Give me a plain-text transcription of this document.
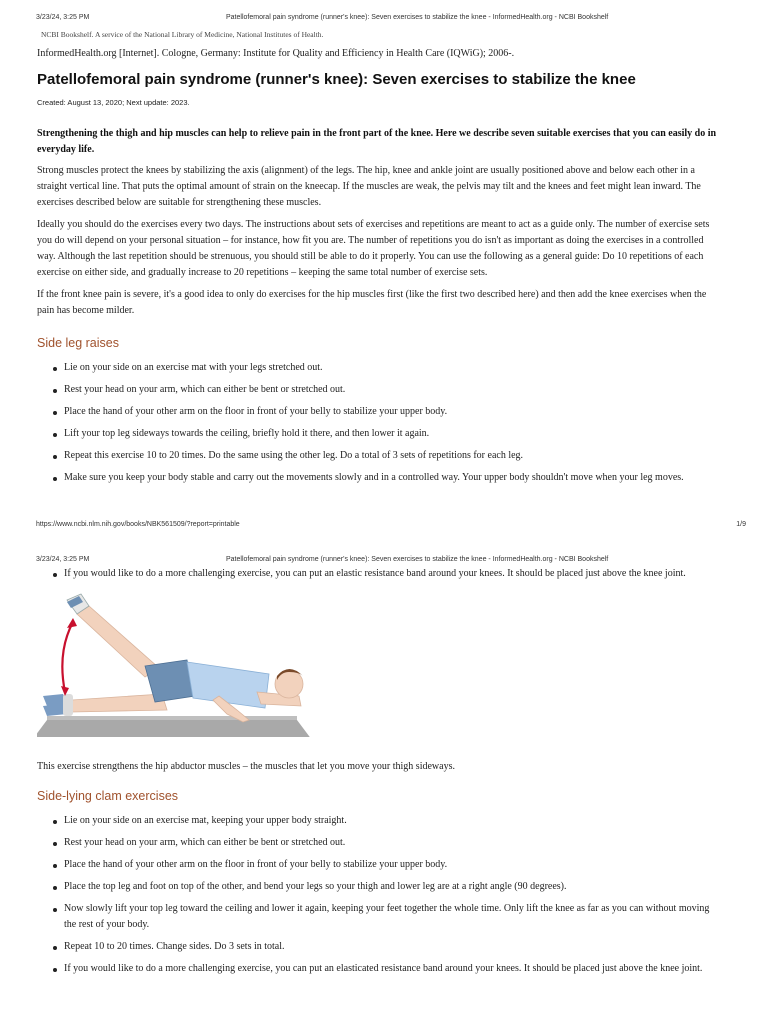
3/23/24, 3:25 PM	Patellofemoral pain syndrome (runner's knee): Seven exercises to stabilize the knee - InformedHealth.org - NCBI Bookshelf
NCBI Bookshelf. A service of the National Library of Medicine, National Institutes of Health.
InformedHealth.org [Internet]. Cologne, Germany: Institute for Quality and Efficiency in Health Care (IQWiG); 2006-.
Patellofemoral pain syndrome (runner's knee): Seven exercises to stabilize the knee
Created: August 13, 2020; Next update: 2023.

Strengthening the thigh and hip muscles can help to relieve pain in the front part of the knee. Here we describe seven suitable exercises that you can easily do in everyday life.

Strong muscles protect the knees by stabilizing the axis (alignment) of the legs. The hip, knee and ankle joint are usually positioned above and below each other in a straight vertical line. That puts the optimal amount of strain on the kneecap. If the muscles are weak, the pelvis may tilt and the knees and feet might lean inward. The exercises described below are suitable for strengthening these muscles.

Ideally you should do the exercises every two days. The instructions about sets of exercises and repetitions are meant to act as a guide only. The number of exercise sets you do will depend on your personal situation – for instance, how fit you are. The number of repetitions you do isn't as important as doing the exercises in a controlled way. Although the last repetition should be strenuous, you should still be able to do it properly. You can use the following as a general guide: Do 10 repetitions of each exercise on either side, and gradually increase to 20 repetitions – keeping the same total number of exercise sets.

If the front knee pain is severe, it's a good idea to only do exercises for the hip muscles first (like the first two described here) and then add the knee exercises when the pain has become milder.

Side leg raises
Lie on your side on an exercise mat with your legs stretched out.
Rest your head on your arm, which can either be bent or stretched out.
Place the hand of your other arm on the floor in front of your belly to stabilize your upper body.
Lift your top leg sideways towards the ceiling, briefly hold it there, and then lower it again.
Repeat this exercise 10 to 20 times. Do the same using the other leg. Do a total of 3 sets of repetitions for each leg.
Make sure you keep your body stable and carry out the movements slowly and in a controlled way. Your upper body shouldn't move when your leg moves.
https://www.ncbi.nlm.nih.gov/books/NBK561509/?report=printable	1/9
3/23/24, 3:25 PM	Patellofemoral pain syndrome (runner's knee): Seven exercises to stabilize the knee - InformedHealth.org - NCBI Bookshelf
If you would like to do a more challenging exercise, you can put an elastic resistance band around your knees. It should be placed just above the knee joint.

This exercise strengthens the hip abductor muscles – the muscles that let you move your thigh sideways.

Side-lying clam exercises
Lie on your side on an exercise mat, keeping your upper body straight.
Rest your head on your arm, which can either be bent or stretched out.
Place the hand of your other arm on the floor in front of your belly to stabilize your upper body.
Place the top leg and foot on top of the other, and bend your legs so your thigh and lower leg are at a right angle (90 degrees).
Now slowly lift your top leg toward the ceiling and lower it again, keeping your feet together the whole time. Only lift the knee as far as you can without moving the rest of your body.
Repeat 10 to 20 times. Change sides. Do 3 sets in total.
If you would like to do a more challenging exercise, you can put an elasticated resistance band around your knees. It should be placed just above the knee joint.
